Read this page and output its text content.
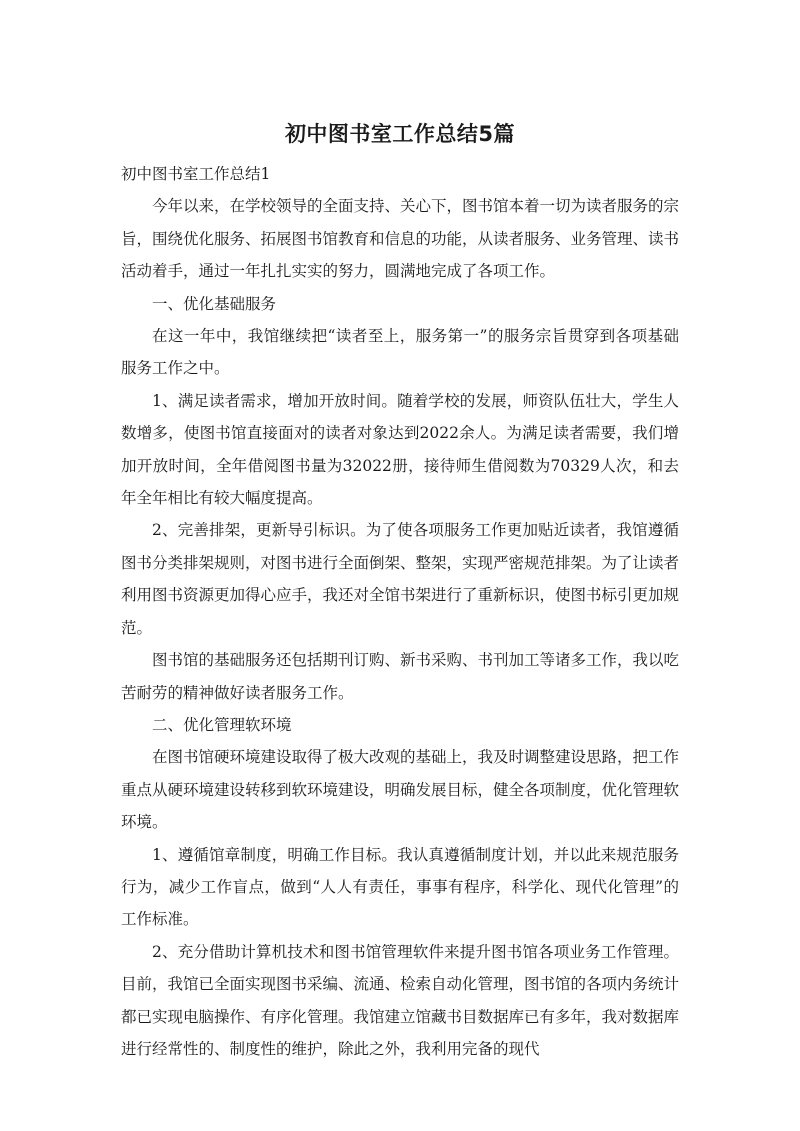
初中图书室工作总结5篇

初中图书室工作总结1

今年以来，在学校领导的全面支持、关心下，图书馆本着一切为读者服务的宗旨，围绕优化服务、拓展图书馆教育和信息的功能，从读者服务、业务管理、读书活动着手，通过一年扎扎实实的努力，圆满地完成了各项工作。

一、优化基础服务

在这一年中，我馆继续把“读者至上，服务第一”的服务宗旨贯穿到各项基础服务工作之中。

1、满足读者需求，增加开放时间。随着学校的发展，师资队伍壮大，学生人数增多，使图书馆直接面对的读者对象达到2022余人。为满足读者需要，我们增加开放时间，全年借阅图书量为32022册，接待师生借阅数为70329人次，和去年全年相比有较大幅度提高。

2、完善排架，更新导引标识。为了使各项服务工作更加贴近读者，我馆遵循图书分类排架规则，对图书进行全面倒架、整架，实现严密规范排架。为了让读者利用图书资源更加得心应手，我还对全馆书架进行了重新标识，使图书标引更加规范。

图书馆的基础服务还包括期刊订购、新书采购、书刊加工等诸多工作，我以吃苦耐劳的精神做好读者服务工作。

二、优化管理软环境

在图书馆硬环境建设取得了极大改观的基础上，我及时调整建设思路，把工作重点从硬环境建设转移到软环境建设，明确发展目标，健全各项制度，优化管理软环境。

1、遵循馆章制度，明确工作目标。我认真遵循制度计划，并以此来规范服务行为，减少工作盲点，做到“人人有责任，事事有程序，科学化、现代化管理”的工作标准。

2、充分借助计算机技术和图书馆管理软件来提升图书馆各项业务工作管理。目前，我馆已全面实现图书采编、流通、检索自动化管理，图书馆的各项内务统计都已实现电脑操作、有序化管理。我馆建立馆藏书目数据库已有多年，我对数据库进行经常性的、制度性的维护，除此之外，我利用完备的现代
